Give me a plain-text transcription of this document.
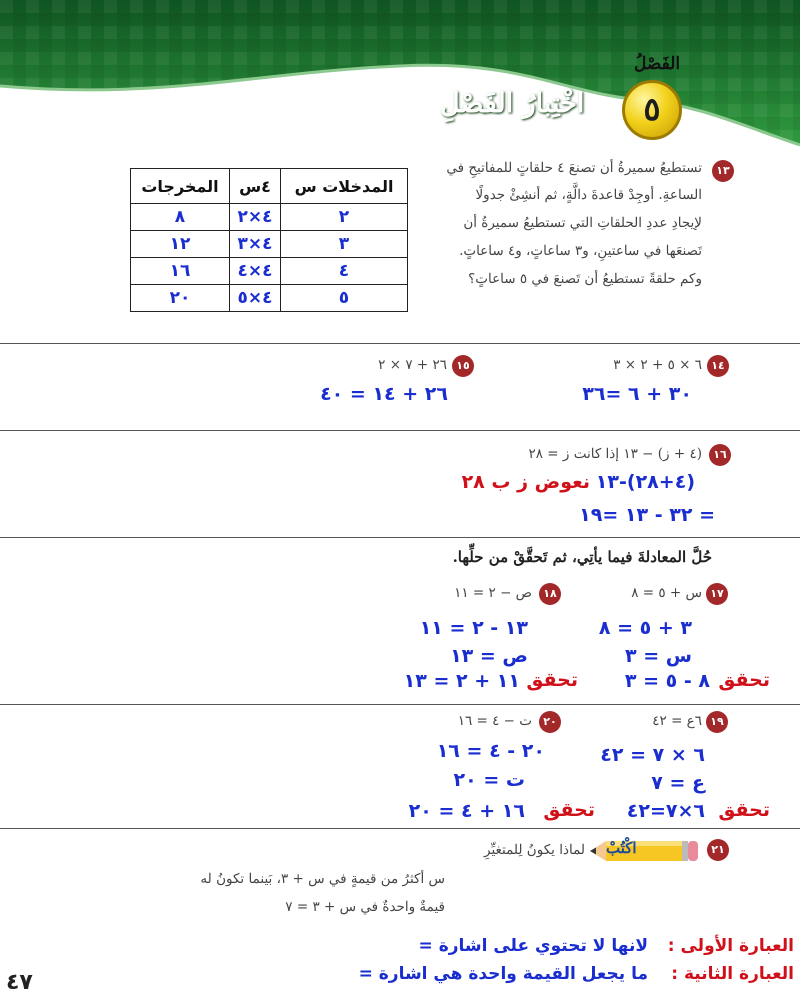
الفَصْلُ
٥
اخْتِبارُ الفَصْلِ
١٣
تستطيعُ سميرةُ أن تصنعَ ٤ حلقاتٍ للمفاتيحِ في
الساعةِ. أوجِدْ قاعدةَ دالَّةٍ، ثم أنشِئْ جدولًا
لإيجادِ عددِ الحلقاتِ التي تستطيعُ سميرةُ أن
تَصنعَها في ساعتينِ، و٣ ساعاتٍ، و٤ ساعاتٍ.
وكم حلقةً تستطيعُ أن تَصنعَ في ٥ ساعاتٍ؟
المدخلات س	٤س	المخرجات
٢	٤×٢	٨
٣	٤×٣	١٢
٤	٤×٤	١٦
٥	٤×٥	٢٠
١٤
٦ × ٥ + ٢ × ٣
٣٠ + ٦ =٣٦
١٥
٢٦ + ٧ × ٢
٢٦ + ١٤ = ٤٠
١٦
(٤ + ز) − ١٣ إذا كانت ز = ٢٨
(٤+٢٨)-١٣
نعوض ز ب ٢٨
= ٣٢ - ١٣ =١٩
حُلَّ المعادلةَ فيما يأتِي، ثم تَحقَّقْ من حلِّها.
١٧
س + ٥ = ٨
٣ + ٥ = ٨
س = ٣
تحقق
٨ - ٥ = ٣
١٨
ص − ٢ = ١١
١٣ - ٢ = ١١
ص = ١٣
تحقق
١١ + ٢ = ١٣
١٩
٦ع = ٤٢
٦ × ٧ = ٤٢
ع = ٧
تحقق
٦×٧=٤٢
٢٠
ت − ٤ = ١٦
٢٠ - ٤ = ١٦
ت = ٢٠
تحقق
١٦ + ٤ = ٢٠
٢١
اكْتُبْ
لماذا يكونُ لِلمتغيِّرِ
س أكثرُ من قيمةٍ في س + ٣، بَينما تكونُ له
قيمةٌ واحدةٌ في س + ٣ = ٧
العبارة الأولى :
لانها لا تحتوي على اشارة =
العبارة الثانية :
ما يجعل القيمة واحدة هي اشارة =
٤٧
